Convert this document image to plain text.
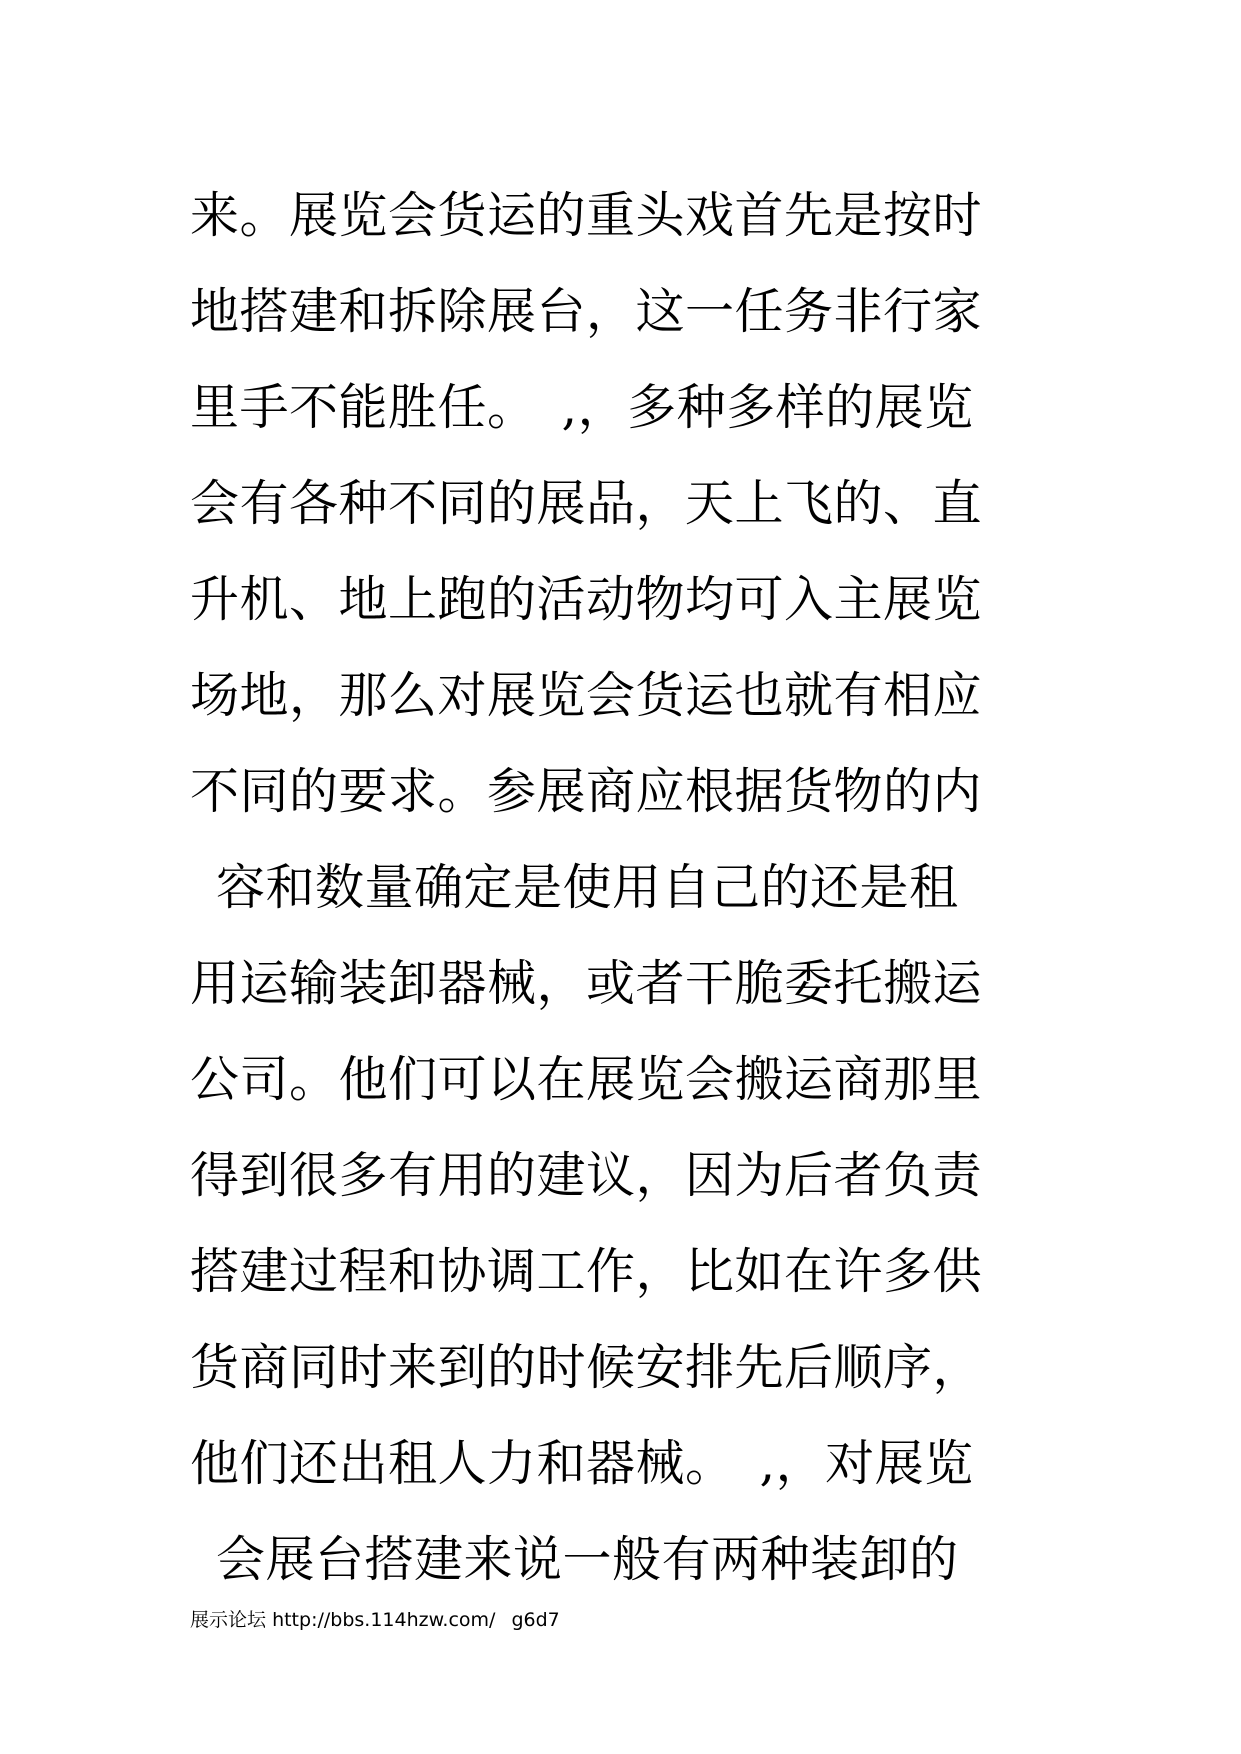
来。展览会货运的重头戏首先是按时
地搭建和拆除展台，这一任务非行家
里手不能胜任。　,，多种多样的展览
会有各种不同的展品，天上飞的、直
升机、地上跑的活动物均可入主展览
场地，那么对展览会货运也就有相应
不同的要求。参展商应根据货物的内
容和数量确定是使用自己的还是租
用运输装卸器械，或者干脆委托搬运
公司。他们可以在展览会搬运商那里
得到很多有用的建议，因为后者负责
搭建过程和协调工作，比如在许多供
货商同时来到的时候安排先后顺序，
他们还出租人力和器械。　,，对展览
会展台搭建来说一般有两种装卸的
展示论坛 http://bbs.114hzw.com/ g6d7
